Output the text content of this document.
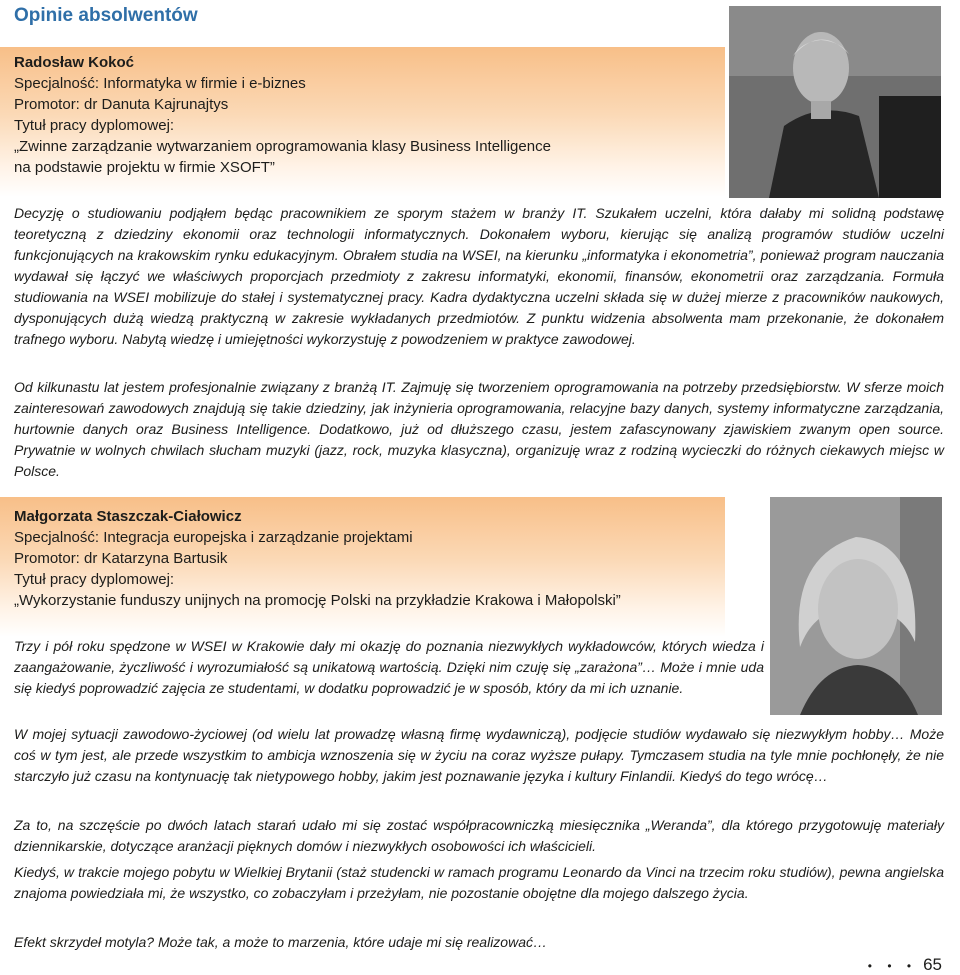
Opinie absolwentów
Radosław Kokoć
Specjalność: Informatyka w firmie i e-biznes
Promotor: dr Danuta Kajrunajtys
Tytuł pracy dyplomowej:
„Zwinne zarządzanie wytwarzaniem oprogramowania klasy Business Intelligence
na podstawie projektu w firmie XSOFT”

Decyzję o studiowaniu podjąłem będąc pracownikiem ze sporym stażem w branży IT. Szukałem uczelni, która dałaby mi solidną podstawę teoretyczną z dziedziny ekonomii oraz technologii informatycznych. Dokonałem wyboru, kierując się analizą programów studiów uczelni funkcjonujących na krakowskim rynku edukacyjnym. Obrałem studia na WSEI, na kierunku „informatyka i ekonometria”, ponieważ program nauczania wydawał się łączyć we właściwych proporcjach przedmioty z zakresu informatyki, ekonomii, finansów, ekonometrii oraz zarządzania. Formuła studiowania na WSEI mobilizuje do stałej i systematycznej pracy. Kadra dydaktyczna uczelni składa się w dużej mierze z pracowników naukowych, dysponujących dużą wiedzą praktyczną w zakresie wykładanych przedmiotów. Z punktu widzenia absolwenta mam przekonanie, że dokonałem trafnego wyboru. Nabytą wiedzę i umiejętności wykorzystuję z powodzeniem w praktyce zawodowej.

Od kilkunastu lat jestem profesjonalnie związany z branżą IT. Zajmuję się tworzeniem oprogramowania na potrzeby przedsiębiorstw. W sferze moich zainteresowań zawodowych znajdują się takie dziedziny, jak inżynieria oprogramowania, relacyjne bazy danych, systemy informatyczne zarządzania, hurtownie danych oraz Business Intelligence. Dodatkowo, już od dłuższego czasu, jestem zafascynowany zjawiskiem zwanym open source. Prywatnie w wolnych chwilach słucham muzyki (jazz, rock, muzyka klasyczna), organizuję wraz z rodziną wycieczki do różnych ciekawych miejsc w Polsce.

Małgorzata Staszczak-Ciałowicz
Specjalność: Integracja europejska i zarządzanie projektami
Promotor: dr Katarzyna Bartusik
Tytuł pracy dyplomowej:
„Wykorzystanie funduszy unijnych na promocję Polski na przykładzie Krakowa i Małopolski”

Trzy i pół roku spędzone w WSEI w Krakowie dały mi okazję do poznania niezwykłych wykładowców, których wiedza i zaangażowanie, życzliwość i wyrozumiałość są unikatową wartością. Dzięki nim czuję się „zarażona”… Może i mnie uda się kiedyś poprowadzić zajęcia ze studentami, w dodatku poprowadzić je w sposób, który da mi ich uznanie.

W mojej sytuacji zawodowo-życiowej (od wielu lat prowadzę własną firmę wydawniczą), podjęcie studiów wydawało się niezwykłym hobby… Może coś w tym jest, ale przede wszystkim to ambicja wznoszenia się w życiu na coraz wyższe pułapy. Tymczasem studia na tyle mnie pochłonęły, że nie starczyło już czasu na kontynuację tak nietypowego hobby, jakim jest poznawanie języka i kultury Finlandii. Kiedyś do tego wrócę…

Za to, na szczęście po dwóch latach starań udało mi się zostać współpracowniczką miesięcznika „Weranda”, dla którego przygotowuję materiały dziennikarskie, dotyczące aranżacji pięknych domów i niezwykłych osobowości ich właścicieli.

Kiedyś, w trakcie mojego pobytu w Wielkiej Brytanii (staż studencki w ramach programu Leonardo da Vinci na trzecim roku studiów), pewna angielska znajoma powiedziała mi, że wszystko, co zobaczyłam i przeżyłam, nie pozostanie obojętne dla mojego dalszego życia.

Efekt skrzydeł motyla? Może tak, a może to marzenia, które udaje mi się realizować…

• • • 65
